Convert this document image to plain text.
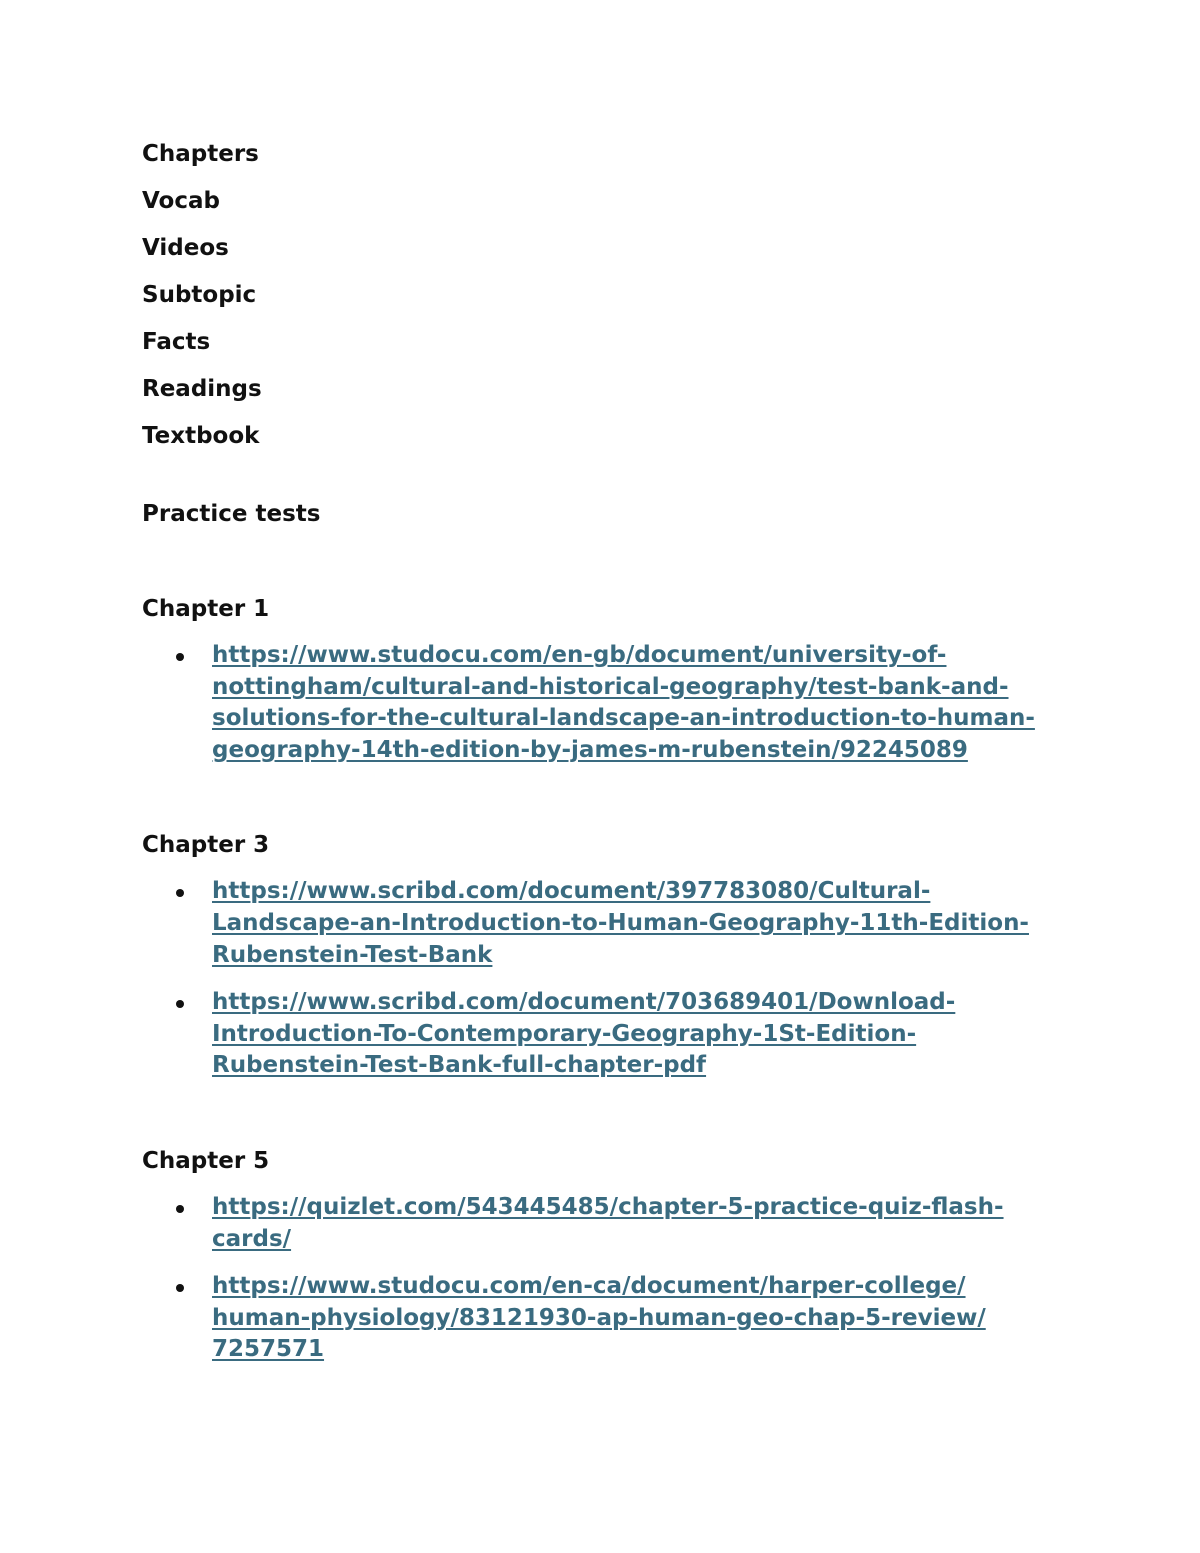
Chapters
Vocab
Videos
Subtopic
Facts
Readings
Textbook
Practice tests
Chapter 1
https://www.studocu.com/en-gb/document/university-of-
nottingham/cultural-and-historical-geography/test-bank-and-
solutions-for-the-cultural-landscape-an-introduction-to-human-
geography-14th-edition-by-james-m-rubenstein/92245089
Chapter 3
https://www.scribd.com/document/397783080/Cultural-
Landscape-an-Introduction-to-Human-Geography-11th-Edition-
Rubenstein-Test-Bank
https://www.scribd.com/document/703689401/Download-
Introduction-To-Contemporary-Geography-1St-Edition-
Rubenstein-Test-Bank-full-chapter-pdf
Chapter 5
https://quizlet.com/543445485/chapter-5-practice-quiz-flash-
cards/
https://www.studocu.com/en-ca/document/harper-college/
human-physiology/83121930-ap-human-geo-chap-5-review/
7257571
